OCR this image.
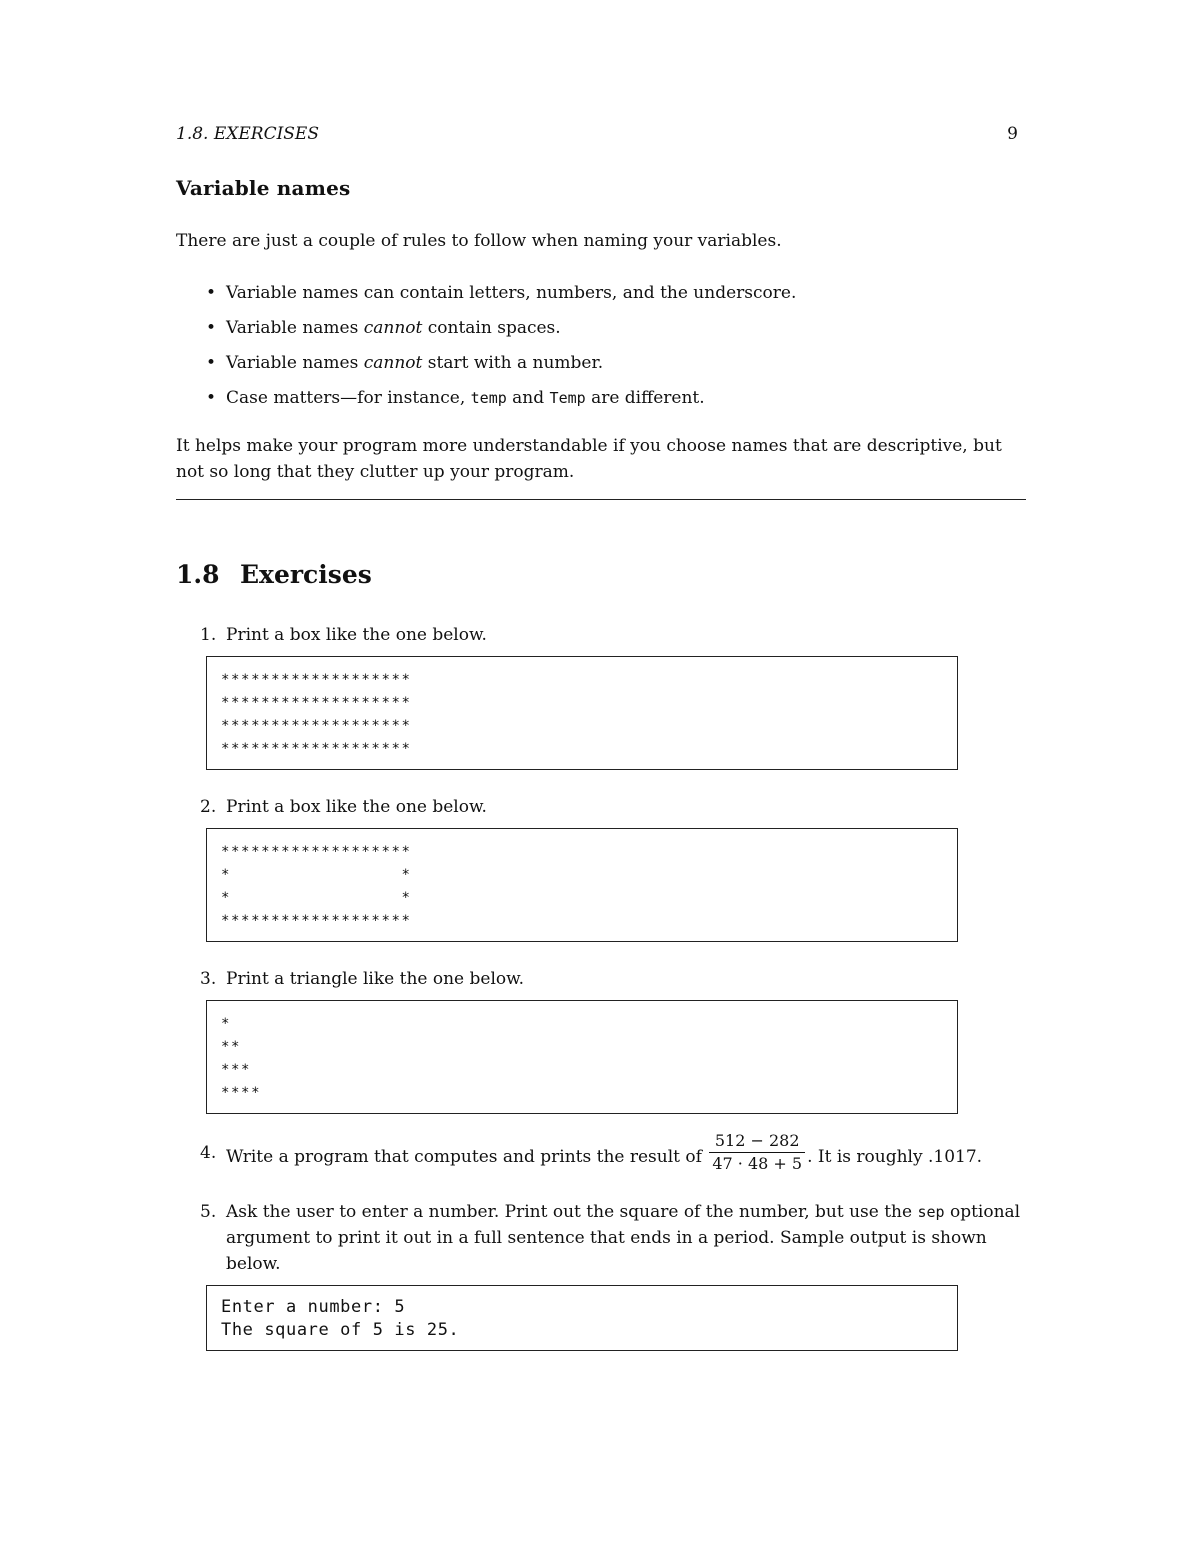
1.8. EXERCISES	9
Variable names

There are just a couple of rules to follow when naming your variables.

• Variable names can contain letters, numbers, and the underscore.
• Variable names cannot contain spaces.
• Variable names cannot start with a number.
• Case matters—for instance, temp and Temp are different.

It helps make your program more understandable if you choose names that are descriptive, but not so long that they clutter up your program.

1.8 Exercises
1. Print a box like the one below.
*******************
*******************
*******************
*******************
2. Print a box like the one below.
*******************
*                 *
*                 *
*******************
3. Print a triangle like the one below.
*
**
***
****
4. Write a program that computes and prints the result of $\frac{512 - 282}{47 \cdot 48 + 5}$ . It is roughly .1017.
5. Ask the user to enter a number. Print out the square of the number, but use the sep optional argument to print it out in a full sentence that ends in a period. Sample output is shown below.
Enter a number: 5
The square of 5 is 25.
